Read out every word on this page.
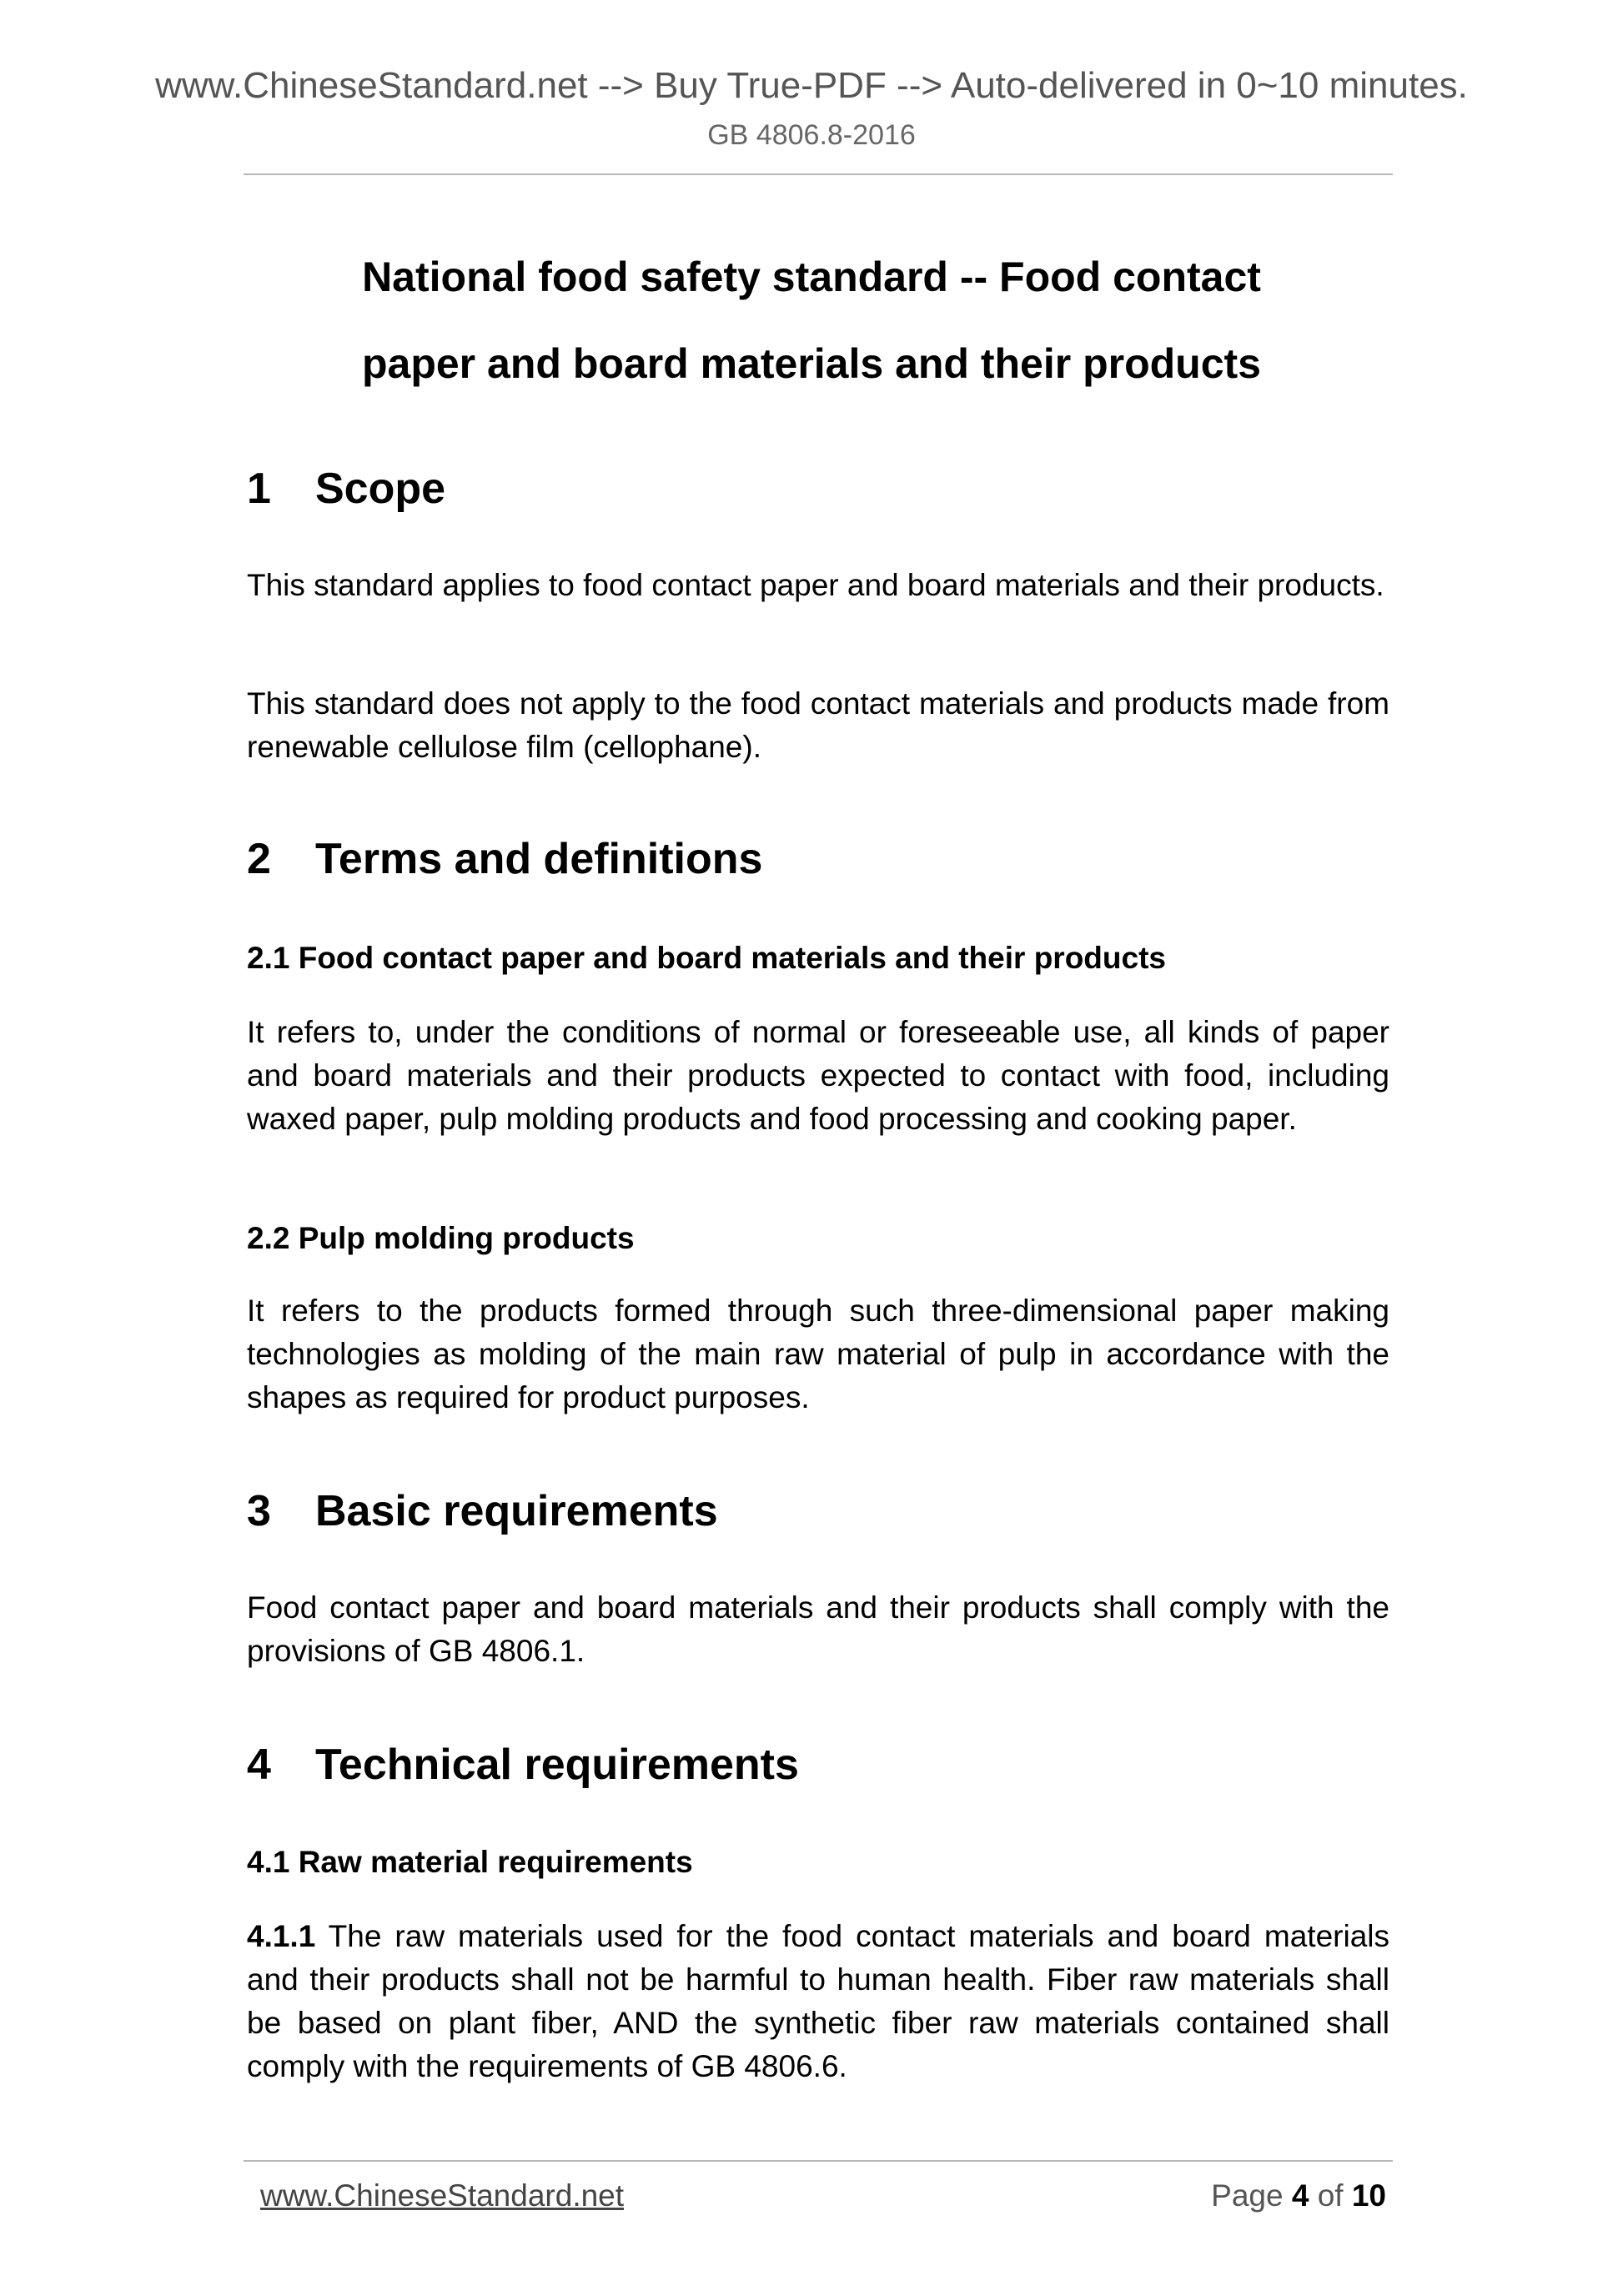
www.ChineseStandard.net --> Buy True-PDF --> Auto-delivered in 0~10 minutes.
GB 4806.8-2016
National food safety standard -- Food contact
paper and board materials and their products
1 Scope
This standard applies to food contact paper and board materials and their products.
This standard does not apply to the food contact materials and products made from renewable cellulose film (cellophane).
2 Terms and definitions
2.1 Food contact paper and board materials and their products
It refers to, under the conditions of normal or foreseeable use, all kinds of paper and board materials and their products expected to contact with food, including waxed paper, pulp molding products and food processing and cooking paper.
2.2 Pulp molding products
It refers to the products formed through such three-dimensional paper making technologies as molding of the main raw material of pulp in accordance with the shapes as required for product purposes.
3 Basic requirements
Food contact paper and board materials and their products shall comply with the provisions of GB 4806.1.
4 Technical requirements
4.1 Raw material requirements
4.1.1 The raw materials used for the food contact materials and board materials and their products shall not be harmful to human health. Fiber raw materials shall be based on plant fiber, AND the synthetic fiber raw materials contained shall comply with the requirements of GB 4806.6.
www.ChineseStandard.net	Page 4 of 10
